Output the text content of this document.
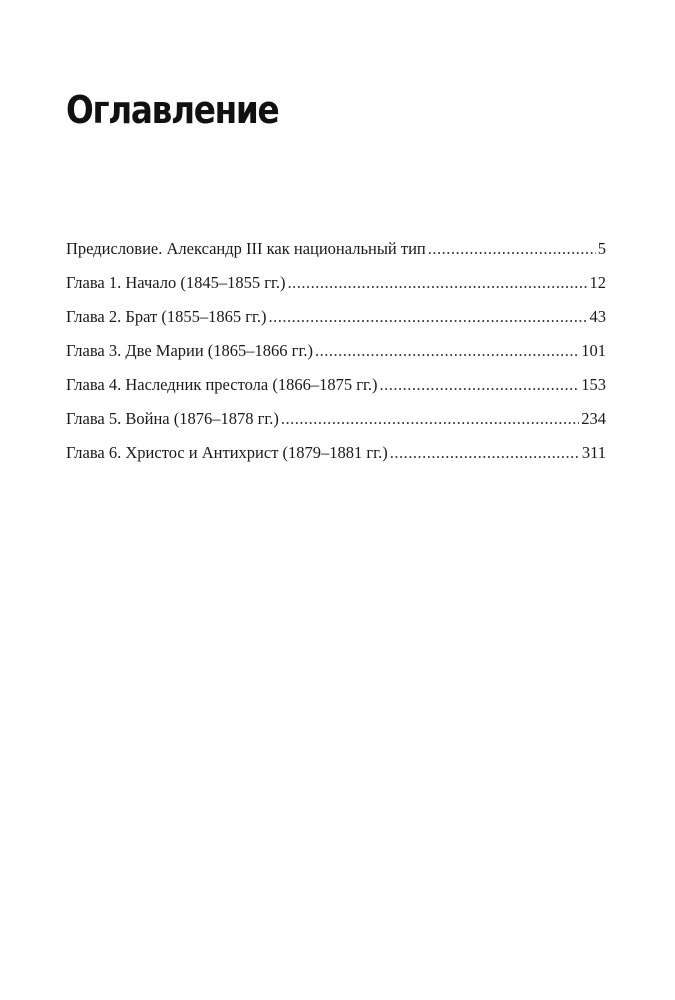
Оглавление
Предисловие. Александр III как национальный тип .....	5
Глава 1. Начало (1845–1855 гг.) .....	12
Глава 2. Брат (1855–1865 гг.) .....	43
Глава 3. Две Марии (1865–1866 гг.) .....	101
Глава 4. Наследник престола (1866–1875 гг.) .....	153
Глава 5. Война (1876–1878 гг.) .....	234
Глава 6. Христос и Антихрист (1879–1881 гг.) .....	311
